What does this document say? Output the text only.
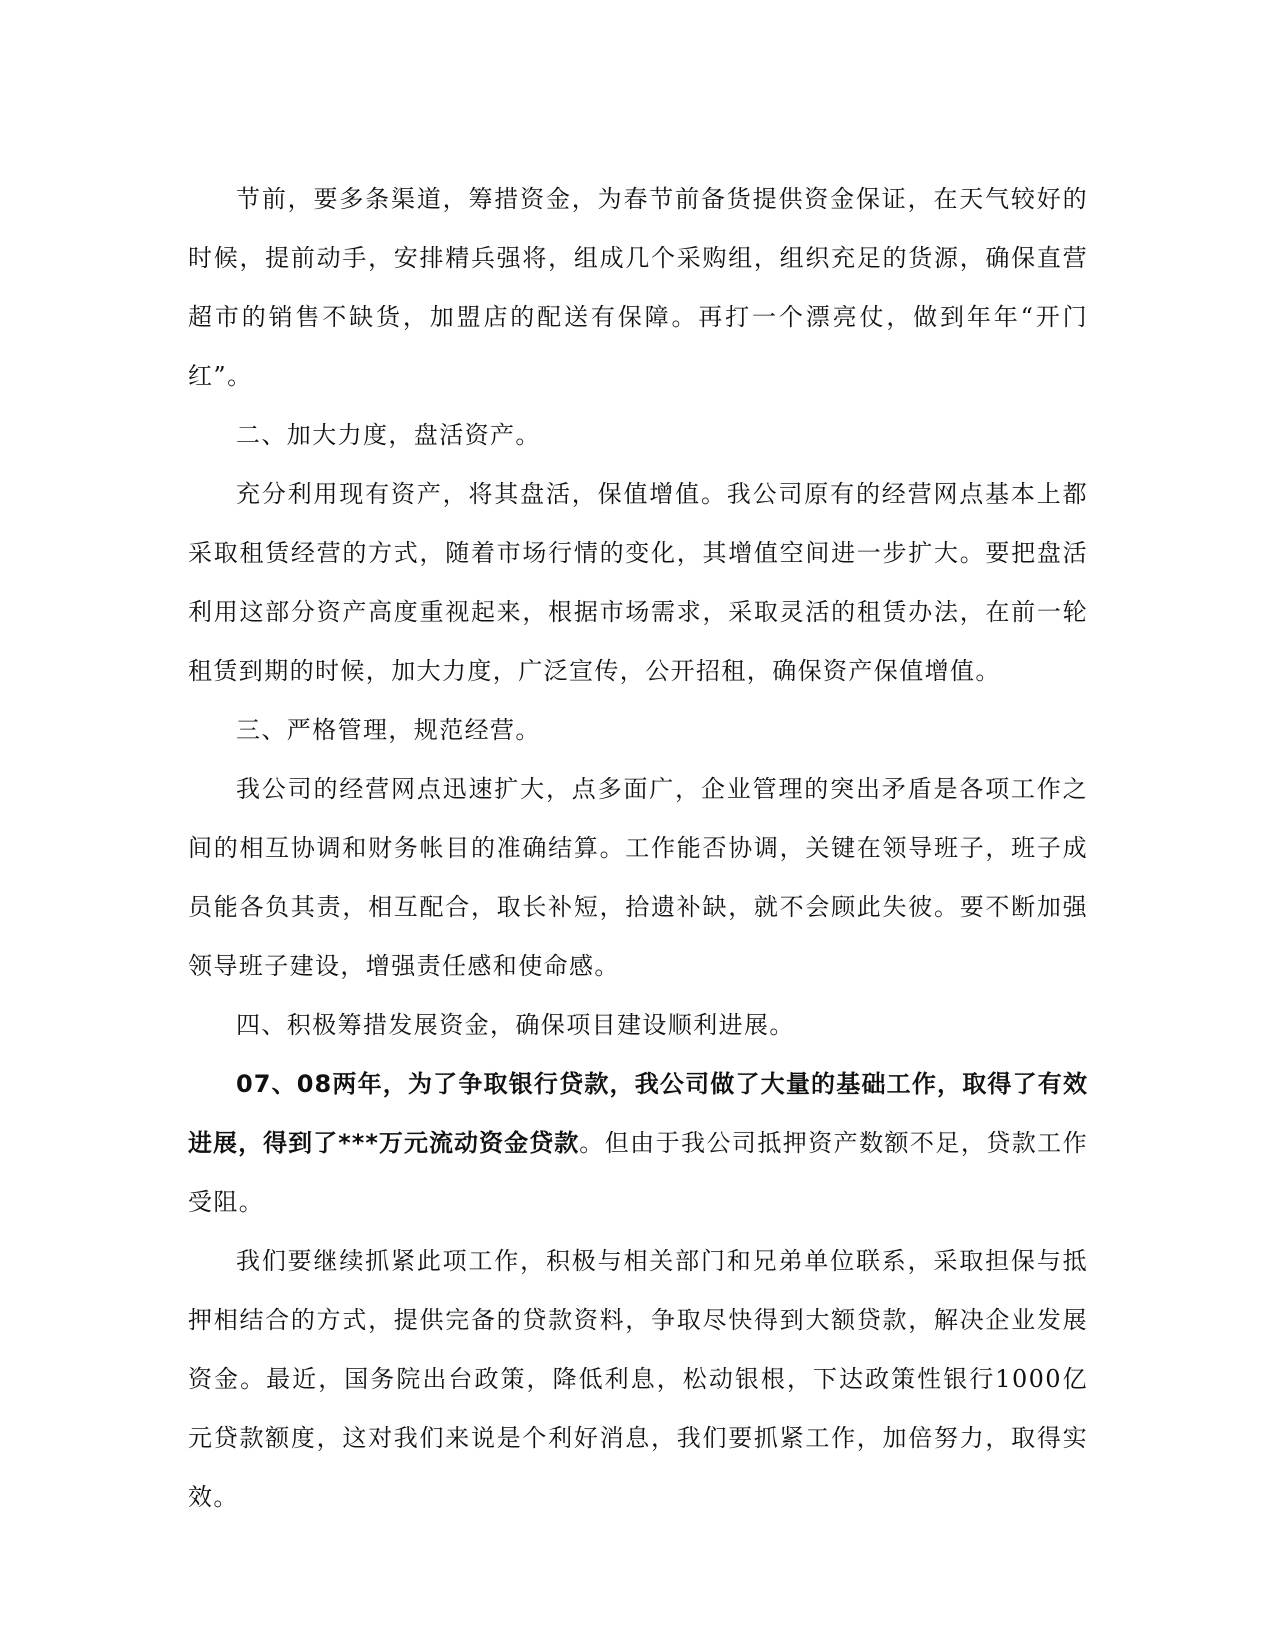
节前，要多条渠道，筹措资金，为春节前备货提供资金保证，在天气较好的时候，提前动手，安排精兵强将，组成几个采购组，组织充足的货源，确保直营超市的销售不缺货，加盟店的配送有保障。再打一个漂亮仗，做到年年“开门红”。

二、加大力度，盘活资产。

充分利用现有资产，将其盘活，保值增值。我公司原有的经营网点基本上都采取租赁经营的方式，随着市场行情的变化，其增值空间进一步扩大。要把盘活利用这部分资产高度重视起来，根据市场需求，采取灵活的租赁办法，在前一轮租赁到期的时候，加大力度，广泛宣传，公开招租，确保资产保值增值。

三、严格管理，规范经营。

我公司的经营网点迅速扩大，点多面广，企业管理的突出矛盾是各项工作之间的相互协调和财务帐目的准确结算。工作能否协调，关键在领导班子，班子成员能各负其责，相互配合，取长补短，拾遗补缺，就不会顾此失彼。要不断加强领导班子建设，增强责任感和使命感。

四、积极筹措发展资金，确保项目建设顺利进展。

07、08两年，为了争取银行贷款，我公司做了大量的基础工作，取得了有效进展，得到了***万元流动资金贷款。但由于我公司抵押资产数额不足，贷款工作受阻。

我们要继续抓紧此项工作，积极与相关部门和兄弟单位联系，采取担保与抵押相结合的方式，提供完备的贷款资料，争取尽快得到大额贷款，解决企业发展资金。最近，国务院出台政策，降低利息，松动银根，下达政策性银行1000亿元贷款额度，这对我们来说是个利好消息，我们要抓紧工作，加倍努力，取得实效。
